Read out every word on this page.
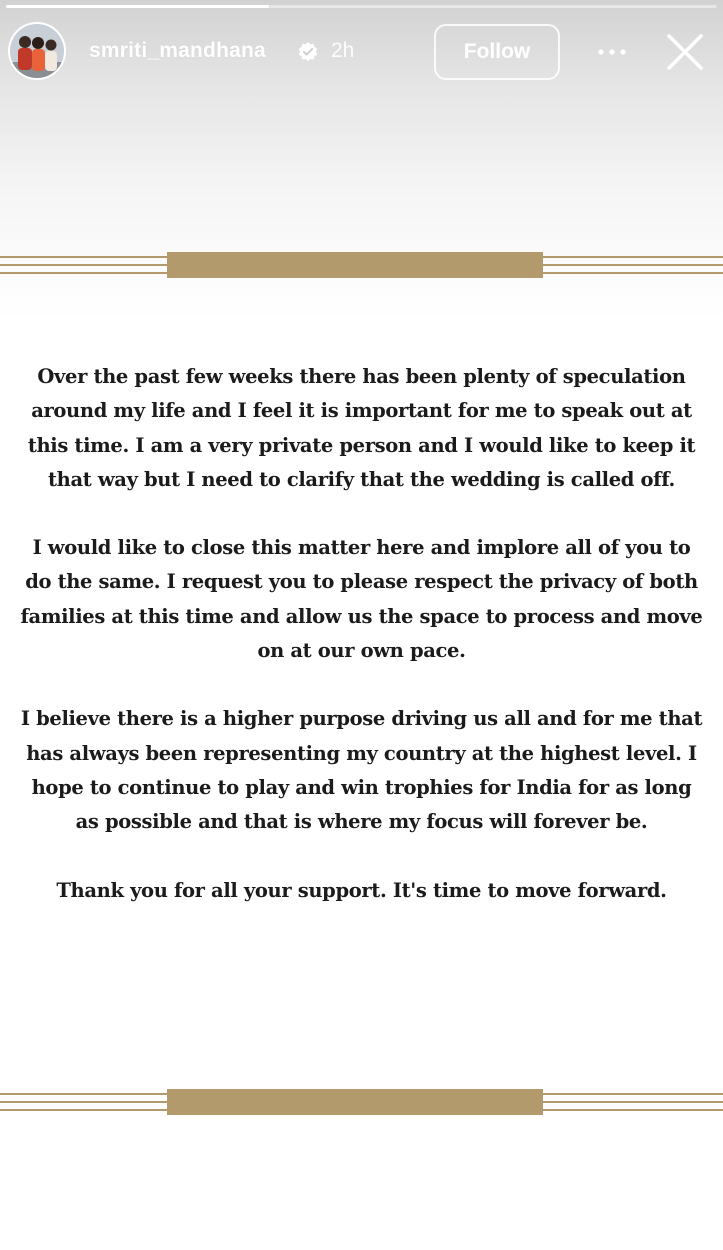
smriti_mandhana	2h	Follow

Over the past few weeks there has been plenty of speculation around my life and I feel it is important for me to speak out at this time. I am a very private person and I would like to keep it that way but I need to clarify that the wedding is called off.

I would like to close this matter here and implore all of you to do the same. I request you to please respect the privacy of both families at this time and allow us the space to process and move on at our own pace.

I believe there is a higher purpose driving us all and for me that has always been representing my country at the highest level. I hope to continue to play and win trophies for India for as long as possible and that is where my focus will forever be.

Thank you for all your support. It's time to move forward.
